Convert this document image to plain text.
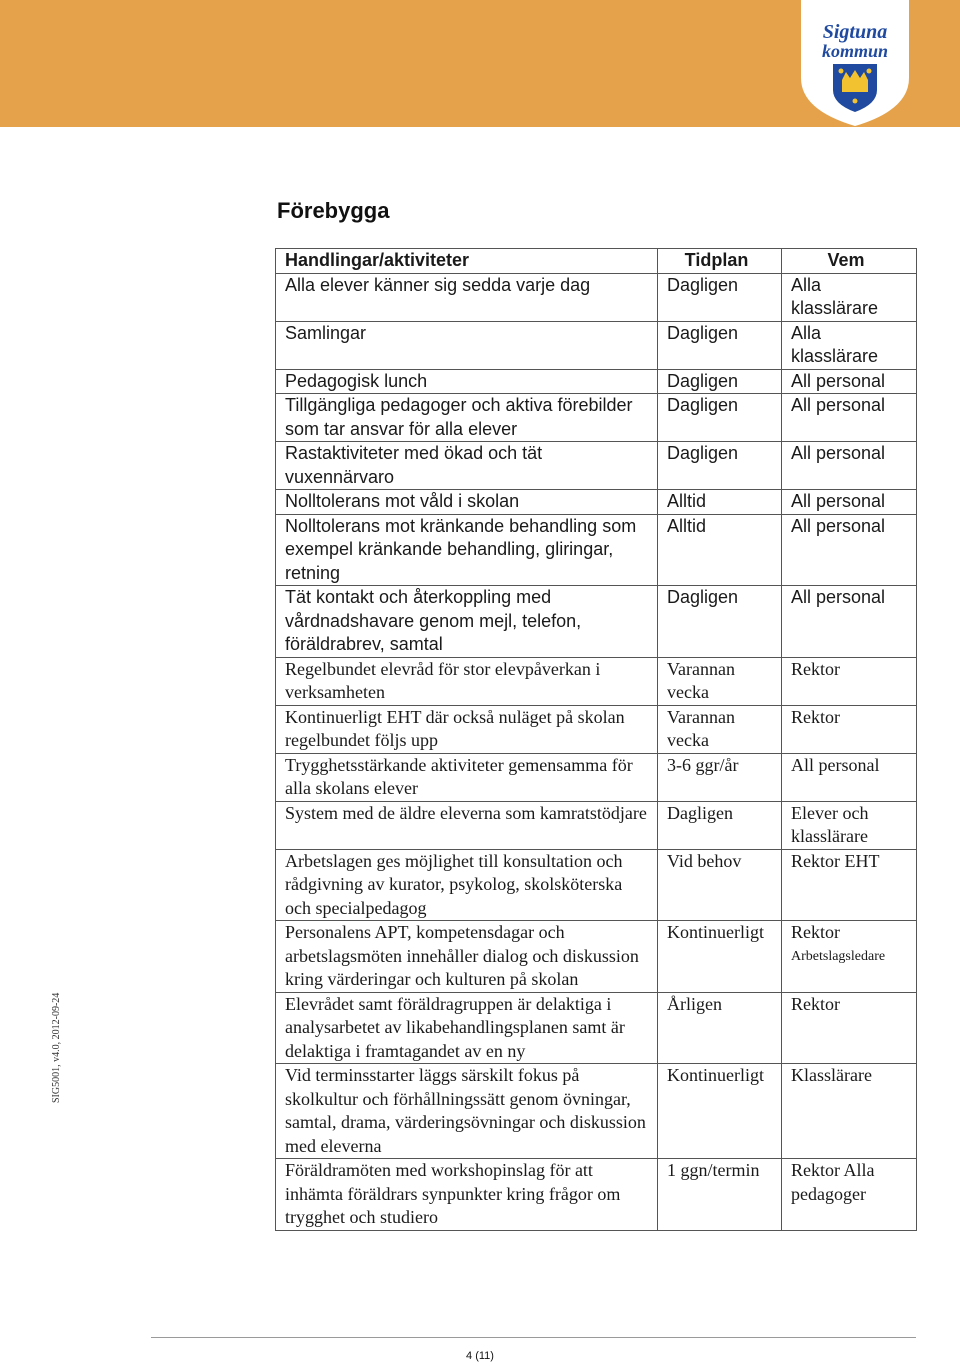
Sigtuna
kommun
SIG5001, v4.0, 2012-09-24
Förebygga
Handlingar/aktiviteter	Tidplan	Vem

Alla elever känner sig sedda varje dag	Dagligen	Alla klasslärare

Samlingar	Dagligen	Alla klasslärare

Pedagogisk lunch	Dagligen	All personal

Tillgängliga pedagoger och aktiva förebilder som tar ansvar för alla elever	Dagligen	All personal

Rastaktiviteter med ökad och tät vuxennärvaro	Dagligen	All personal

Nolltolerans mot våld i skolan	Alltid	All personal

Nolltolerans mot kränkande behandling som exempel kränkande behandling, gliringar, retning	Alltid	All personal

Tät kontakt och återkoppling med vårdnadshavare genom mejl, telefon, föräldrabrev, samtal	Dagligen	All personal

Regelbundet elevråd för stor elevpåverkan i verksamheten	Varannan vecka	Rektor

Kontinuerligt EHT där också nuläget på skolan regelbundet följs upp	Varannan vecka	Rektor

Trygghetsstärkande aktiviteter gemensamma för alla skolans elever	3-6 ggr/år	All personal

System med de äldre eleverna som kamratstödjare	Dagligen	Elever och klasslärare

Arbetslagen ges möjlighet till konsultation och rådgivning av kurator, psykolog, skolsköterska och specialpedagog	Vid behov	Rektor EHT

Personalens APT, kompetensdagar och arbetslagsmöten innehåller dialog och diskussion kring värderingar och kulturen på skolan	Kontinuerligt	Rektor
Arbetslagsledare

Elevrådet samt föräldragruppen är delaktiga i analysarbetet av likabehandlingsplanen samt är delaktiga i framtagandet av en ny	Årligen	Rektor

Vid terminsstarter läggs särskilt fokus på skolkultur och förhållningssätt genom övningar, samtal, drama, värderingsövningar och diskussion med eleverna	Kontinuerligt	Klasslärare

Föräldramöten med workshopinslag för att inhämta föräldrars synpunkter kring frågor om trygghet och studiero	1 ggn/termin	Rektor Alla pedagoger
4 (11)
